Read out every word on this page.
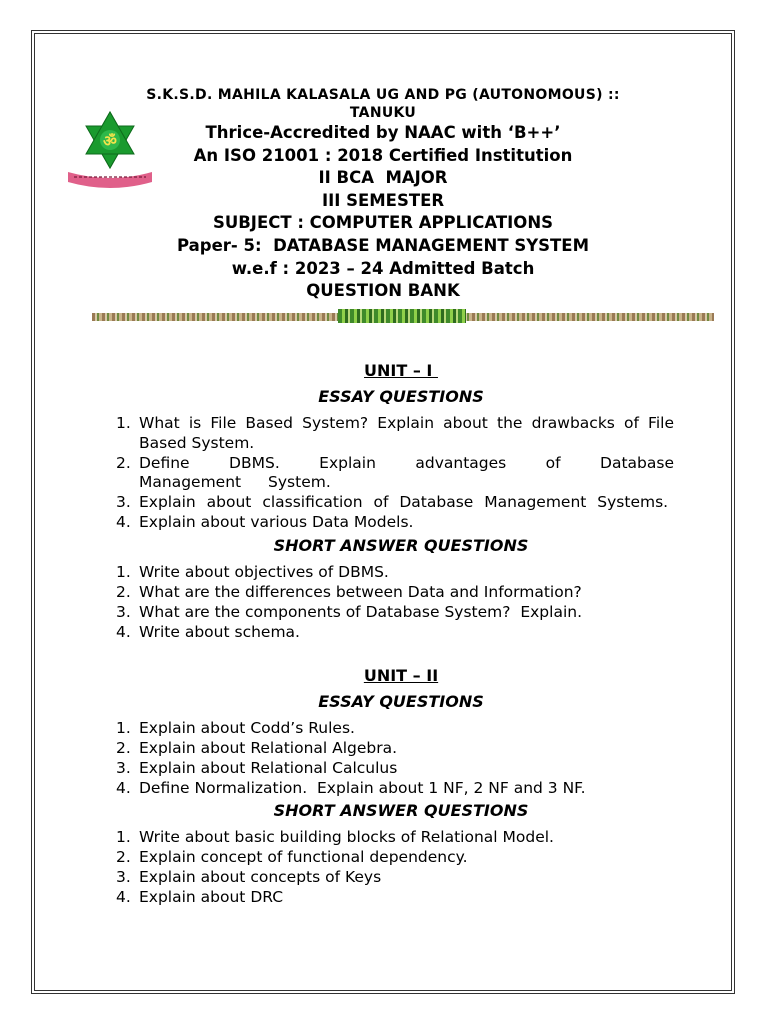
ॐ
S.K.S.D. MAHILA KALASALA UG AND PG (AUTONOMOUS) ::
TANUKU
Thrice-Accredited by NAAC with ‘B++’
An ISO 21001 : 2018 Certified Institution
II BCA  MAJOR
III SEMESTER
SUBJECT : COMPUTER APPLICATIONS
Paper- 5:  DATABASE MANAGEMENT SYSTEM
w.e.f : 2023 – 24 Admitted Batch
QUESTION BANK
UNIT – I
ESSAY QUESTIONS
1. What is File Based System? Explain about the drawbacks of File Based System.
2. Define DBMS. Explain advantages of Database Management System.
3. Explain about classification of Database Management Systems.
4. Explain about various Data Models.
SHORT ANSWER QUESTIONS
1. Write about objectives of DBMS.
2. What are the differences between Data and Information?
3. What are the components of Database System?  Explain.
4. Write about schema.
UNIT – II
ESSAY QUESTIONS
1. Explain about Codd’s Rules.
2. Explain about Relational Algebra.
3. Explain about Relational Calculus
4. Define Normalization.  Explain about 1 NF, 2 NF and 3 NF.
SHORT ANSWER QUESTIONS
1. Write about basic building blocks of Relational Model.
2. Explain concept of functional dependency.
3. Explain about concepts of Keys
4. Explain about DRC
